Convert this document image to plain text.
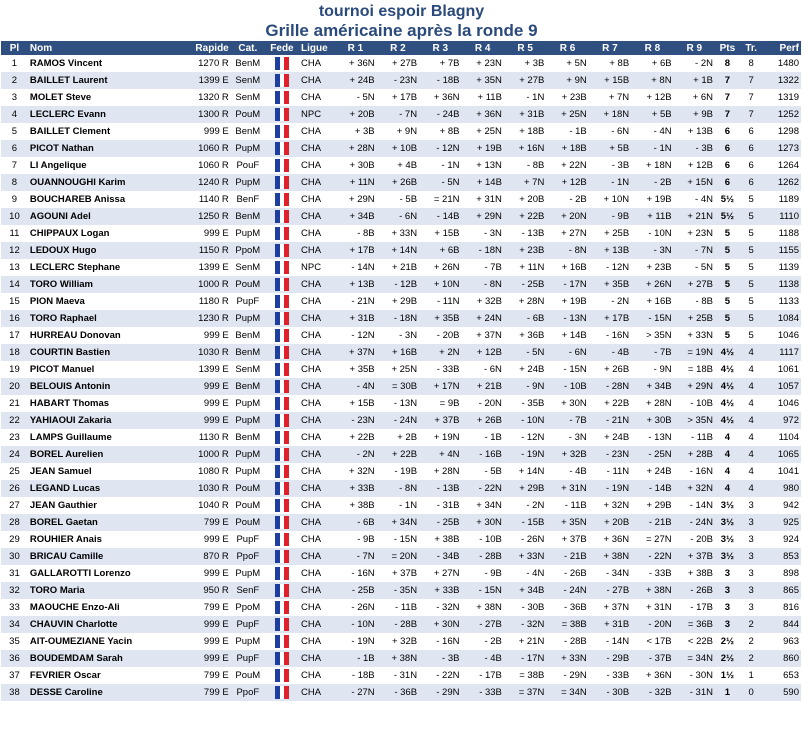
tournoi espoir Blagny
Grille américaine après la ronde 9
Pl	Nom	Rapide	Cat.	Fede	Ligue	R 1	R 2	R 3	R 4	R 5	R 6	R 7	R 8	R 9	Pts	Tr.	Perf
1	RAMOS Vincent	1270 R	BenM		CHA	+ 36N	+ 27B	+ 7B	+ 23N	+ 3B	+ 5N	+ 8B	+ 6B	- 2N	8	8	1480
2	BAILLET Laurent	1399 E	SenM		CHA	+ 24B	- 23N	- 18B	+ 35N	+ 27B	+ 9N	+ 15B	+ 8N	+ 1B	7	7	1322
3	MOLET Steve	1320 R	SenM		CHA	- 5N	+ 17B	+ 36N	+ 11B	- 1N	+ 23B	+ 7N	+ 12B	+ 6N	7	7	1319
4	LECLERC Evann	1300 R	PouM		NPC	+ 20B	- 7N	- 24B	+ 36N	+ 31B	+ 25N	+ 18N	+ 5B	+ 9B	7	7	1252
5	BAILLET Clement	999 E	BenM		CHA	+ 3B	+ 9N	+ 8B	+ 25N	+ 18B	- 1B	- 6N	- 4N	+ 13B	6	6	1298
6	PICOT Nathan	1060 R	PupM		CHA	+ 28N	+ 10B	- 12N	+ 19B	+ 16N	+ 18B	+ 5B	- 1N	- 3B	6	6	1273
7	LI Angelique	1060 R	PouF		CHA	+ 30B	+ 4B	- 1N	+ 13N	- 8B	+ 22N	- 3B	+ 18N	+ 12B	6	6	1264
8	OUANNOUGHI Karim	1240 R	PupM		CHA	+ 11N	+ 26B	- 5N	+ 14B	+ 7N	+ 12B	- 1N	- 2B	+ 15N	6	6	1262
9	BOUCHAREB Anissa	1140 R	BenF		CHA	+ 29N	- 5B	= 21N	+ 31N	+ 20B	- 2B	+ 10N	+ 19B	- 4N	5½	5	1189
10	AGOUNI Adel	1250 R	BenM		CHA	+ 34B	- 6N	- 14B	+ 29N	+ 22B	+ 20N	- 9B	+ 11B	+ 21N	5½	5	1110
11	CHIPPAUX Logan	999 E	PupM		CHA	- 8B	+ 33N	+ 15B	- 3N	- 13B	+ 27N	+ 25B	- 10N	+ 23N	5	5	1188
12	LEDOUX Hugo	1150 R	PpoM		CHA	+ 17B	+ 14N	+ 6B	- 18N	+ 23B	- 8N	+ 13B	- 3N	- 7N	5	5	1155
13	LECLERC Stephane	1399 E	SenM		NPC	- 14N	+ 21B	+ 26N	- 7B	+ 11N	+ 16B	- 12N	+ 23B	- 5N	5	5	1139
14	TORO William	1000 R	PouM		CHA	+ 13B	- 12B	+ 10N	- 8N	- 25B	- 17N	+ 35B	+ 26N	+ 27B	5	5	1138
15	PION Maeva	1180 R	PupF		CHA	- 21N	+ 29B	- 11N	+ 32B	+ 28N	+ 19B	- 2N	+ 16B	- 8B	5	5	1133
16	TORO Raphael	1230 R	PupM		CHA	+ 31B	- 18N	+ 35B	+ 24N	- 6B	- 13N	+ 17B	- 15N	+ 25B	5	5	1084
17	HURREAU Donovan	999 E	BenM		CHA	- 12N	- 3N	- 20B	+ 37N	+ 36B	+ 14B	- 16N	> 35N	+ 33N	5	5	1046
18	COURTIN Bastien	1030 R	BenM		CHA	+ 37N	+ 16B	+ 2N	+ 12B	- 5N	- 6N	- 4B	- 7B	= 19N	4½	4	1117
19	PICOT Manuel	1399 E	SenM		CHA	+ 35B	+ 25N	- 33B	- 6N	+ 24B	- 15N	+ 26B	- 9N	= 18B	4½	4	1061
20	BELOUIS Antonin	999 E	BenM		CHA	- 4N	= 30B	+ 17N	+ 21B	- 9N	- 10B	- 28N	+ 34B	+ 29N	4½	4	1057
21	HABART Thomas	999 E	PupM		CHA	+ 15B	- 13N	= 9B	- 20N	- 35B	+ 30N	+ 22B	+ 28N	- 10B	4½	4	1046
22	YAHIAOUI Zakaria	999 E	PupM		CHA	- 23N	- 24N	+ 37B	+ 26B	- 10N	- 7B	- 21N	+ 30B	> 35N	4½	4	972
23	LAMPS Guillaume	1130 R	BenM		CHA	+ 22B	+ 2B	+ 19N	- 1B	- 12N	- 3N	+ 24B	- 13N	- 11B	4	4	1104
24	BOREL Aurelien	1000 R	PupM		CHA	- 2N	+ 22B	+ 4N	- 16B	- 19N	+ 32B	- 23N	- 25N	+ 28B	4	4	1065
25	JEAN Samuel	1080 R	PupM		CHA	+ 32N	- 19B	+ 28N	- 5B	+ 14N	- 4B	- 11N	+ 24B	- 16N	4	4	1041
26	LEGAND Lucas	1030 R	PouM		CHA	+ 33B	- 8N	- 13B	- 22N	+ 29B	+ 31N	- 19N	- 14B	+ 32N	4	4	980
27	JEAN Gauthier	1040 R	PouM		CHA	+ 38B	- 1N	- 31B	+ 34N	- 2N	- 11B	+ 32N	+ 29B	- 14N	3½	3	942
28	BOREL Gaetan	799 E	PouM		CHA	- 6B	+ 34N	- 25B	+ 30N	- 15B	+ 35N	+ 20B	- 21B	- 24N	3½	3	925
29	ROUHIER Anais	999 E	PupF		CHA	- 9B	- 15N	+ 38B	- 10B	- 26N	+ 37B	+ 36N	= 27N	- 20B	3½	3	924
30	BRICAU Camille	870 R	PpoF		CHA	- 7N	= 20N	- 34B	- 28B	+ 33N	- 21B	+ 38N	- 22N	+ 37B	3½	3	853
31	GALLAROTTI Lorenzo	999 E	PupM		CHA	- 16N	+ 37B	+ 27N	- 9B	- 4N	- 26B	- 34N	- 33B	+ 38B	3	3	898
32	TORO Maria	950 R	SenF		CHA	- 25B	- 35N	+ 33B	- 15N	+ 34B	- 24N	- 27B	+ 38N	- 26B	3	3	865
33	MAOUCHE Enzo-Ali	799 E	PpoM		CHA	- 26N	- 11B	- 32N	+ 38N	- 30B	- 36B	+ 37N	+ 31N	- 17B	3	3	816
34	CHAUVIN Charlotte	999 E	PupF		CHA	- 10N	- 28B	+ 30N	- 27B	- 32N	= 38B	+ 31B	- 20N	= 36B	3	2	844
35	AIT-OUMEZIANE Yacin	999 E	PupM		CHA	- 19N	+ 32B	- 16N	- 2B	+ 21N	- 28B	- 14N	< 17B	< 22B	2½	2	963
36	BOUDEMDAM Sarah	999 E	PupF		CHA	- 1B	+ 38N	- 3B	- 4B	- 17N	+ 33N	- 29B	- 37B	= 34N	2½	2	860
37	FEVRIER Oscar	799 E	PouM		CHA	- 18B	- 31N	- 22N	- 17B	= 38B	- 29N	- 33B	+ 36N	- 30N	1½	1	653
38	DESSE Caroline	799 E	PpoF		CHA	- 27N	- 36B	- 29N	- 33B	= 37N	= 34N	- 30B	- 32B	- 31N	1	0	590
